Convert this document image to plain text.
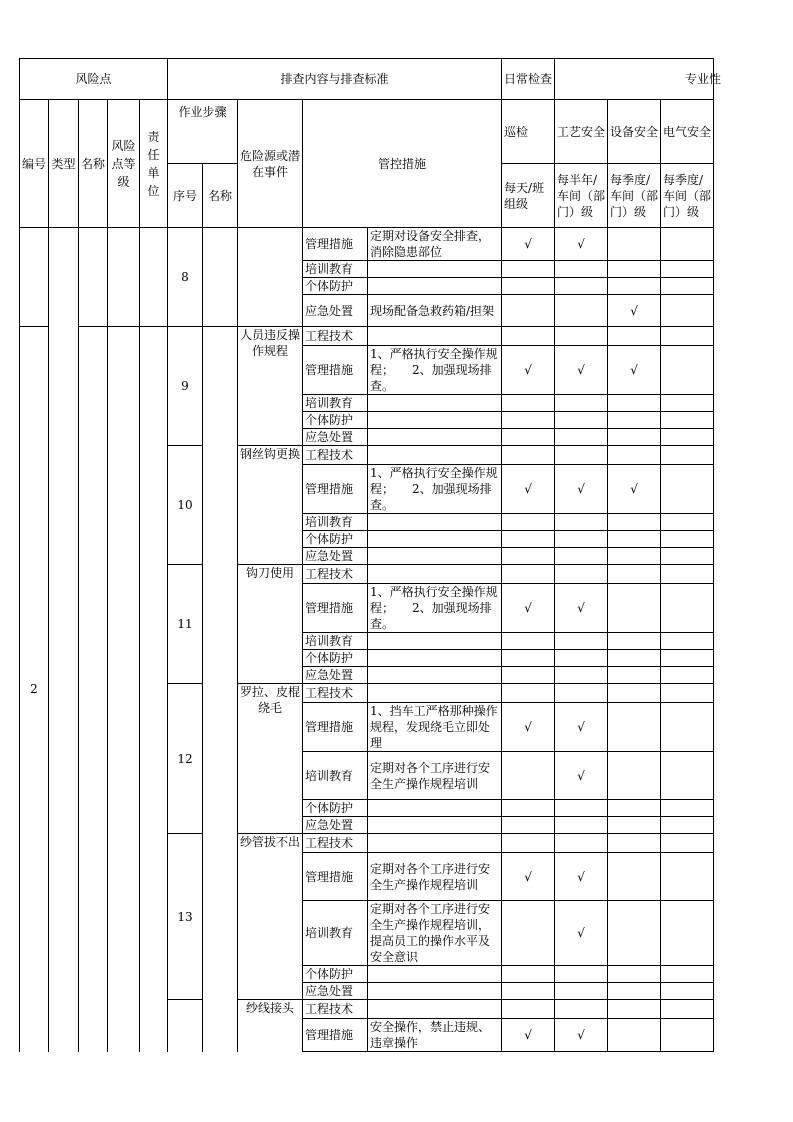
风险点					排查内容与排查标准					日常检查	专业性		
编号	类型	名称	风险点等级	责任单位	作业步骤		危险源或潜在事件	管控措施		巡检	工艺安全	设备安全	电气安全
					序号	名称				每天/班组级	每半年/车间（部门）级	每季度/车间（部门）级	每季度/车间（部门）级
					8			管理措施	定期对设备安全排查，消除隐患部位	√	√		
								培训教育					
								个体防护					
								应急处置	现场配备急救药箱/担架			√	
2					9		人员违反操作规程	工程技术					
								管理措施	1、严格执行安全操作规程；　　2、加强现场排查。	√	√	√	
								培训教育					
								个体防护					
								应急处置					
					10		钢丝钩更换	工程技术					
								管理措施	1、严格执行安全操作规程；　　2、加强现场排查。	√	√	√	
								培训教育					
								个体防护					
								应急处置					
					11		钩刀使用	工程技术					
								管理措施	1、严格执行安全操作规程；　　2、加强现场排查。	√	√		
								培训教育					
								个体防护					
								应急处置					
					12		罗拉、皮棍绕毛	工程技术					
								管理措施	1、挡车工严格那种操作规程，发现绕毛立即处理	√	√		
								培训教育	定期对各个工序进行安全生产操作规程培训		√		
								个体防护					
								应急处置					
					13		纱管拔不出	工程技术					
								管理措施	定期对各个工序进行安全生产操作规程培训	√	√		
								培训教育	定期对各个工序进行安全生产操作规程培训，提高员工的操作水平及安全意识		√		
								个体防护					
								应急处置					
							纱线接头	工程技术					
								管理措施	安全操作，禁止违规、违章操作	√	√		
